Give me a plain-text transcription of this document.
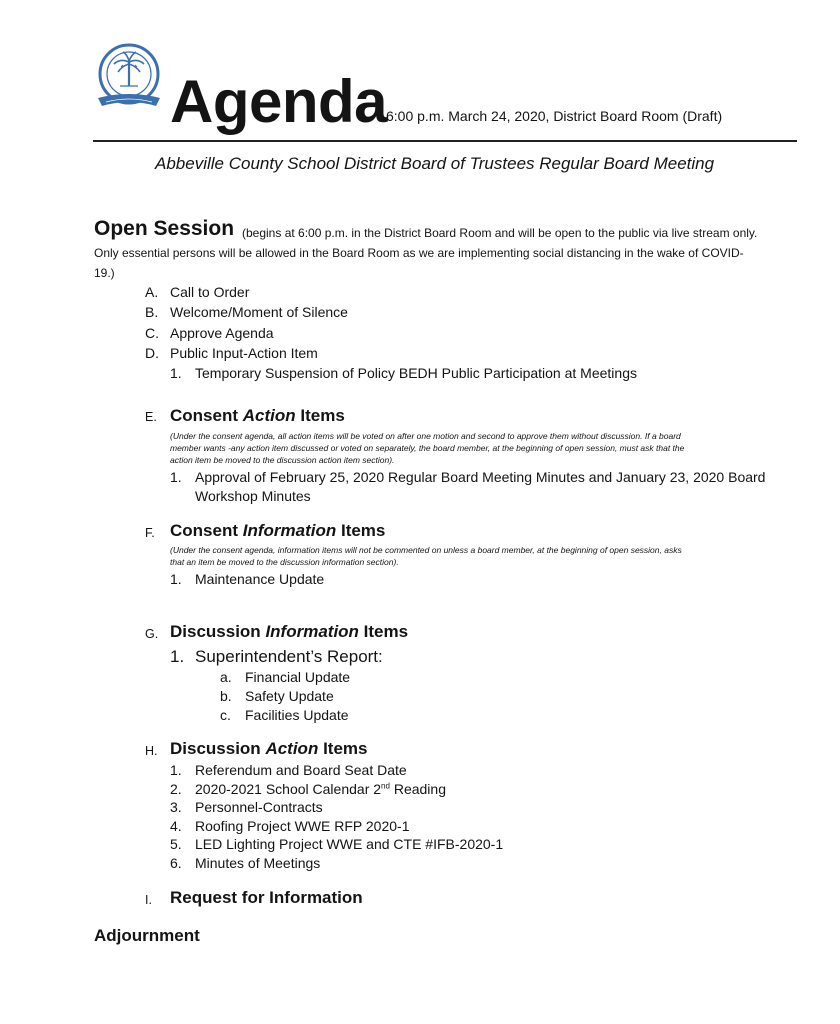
Agenda
6:00 p.m. March 24, 2020, District Board Room (Draft)
Abbeville County School District Board of Trustees Regular Board Meeting
Open Session (begins at 6:00 p.m. in the District Board Room and will be open to the public via live stream only.
Only essential persons will be allowed in the Board Room as we are implementing social distancing in the wake of COVID-
19.)
A. Call to Order
B. Welcome/Moment of Silence
C. Approve Agenda
D. Public Input-Action Item
1. Temporary Suspension of Policy BEDH Public Participation at Meetings
E. Consent Action Items
(Under the consent agenda, all action items will be voted on after one motion and second to approve them without discussion. If a board
member wants -any action item discussed or voted on separately, the board member, at the beginning of open session, must ask that the
action item be moved to the discussion action item section).
1. Approval of February 25, 2020 Regular Board Meeting Minutes and January 23, 2020 Board
Workshop Minutes
F. Consent Information Items
(Under the consent agenda, information items will not be commented on unless a board member, at the beginning of open session, asks
that an item be moved to the discussion information section).
1. Maintenance Update
G. Discussion Information Items
1. Superintendent’s Report:
a. Financial Update
b. Safety Update
c. Facilities Update
H. Discussion Action Items
1. Referendum and Board Seat Date
2. 2020-2021 School Calendar 2nd Reading
3. Personnel-Contracts
4. Roofing Project WWE RFP 2020-1
5. LED Lighting Project WWE and CTE #IFB-2020-1
6. Minutes of Meetings
I. Request for Information
Adjournment
